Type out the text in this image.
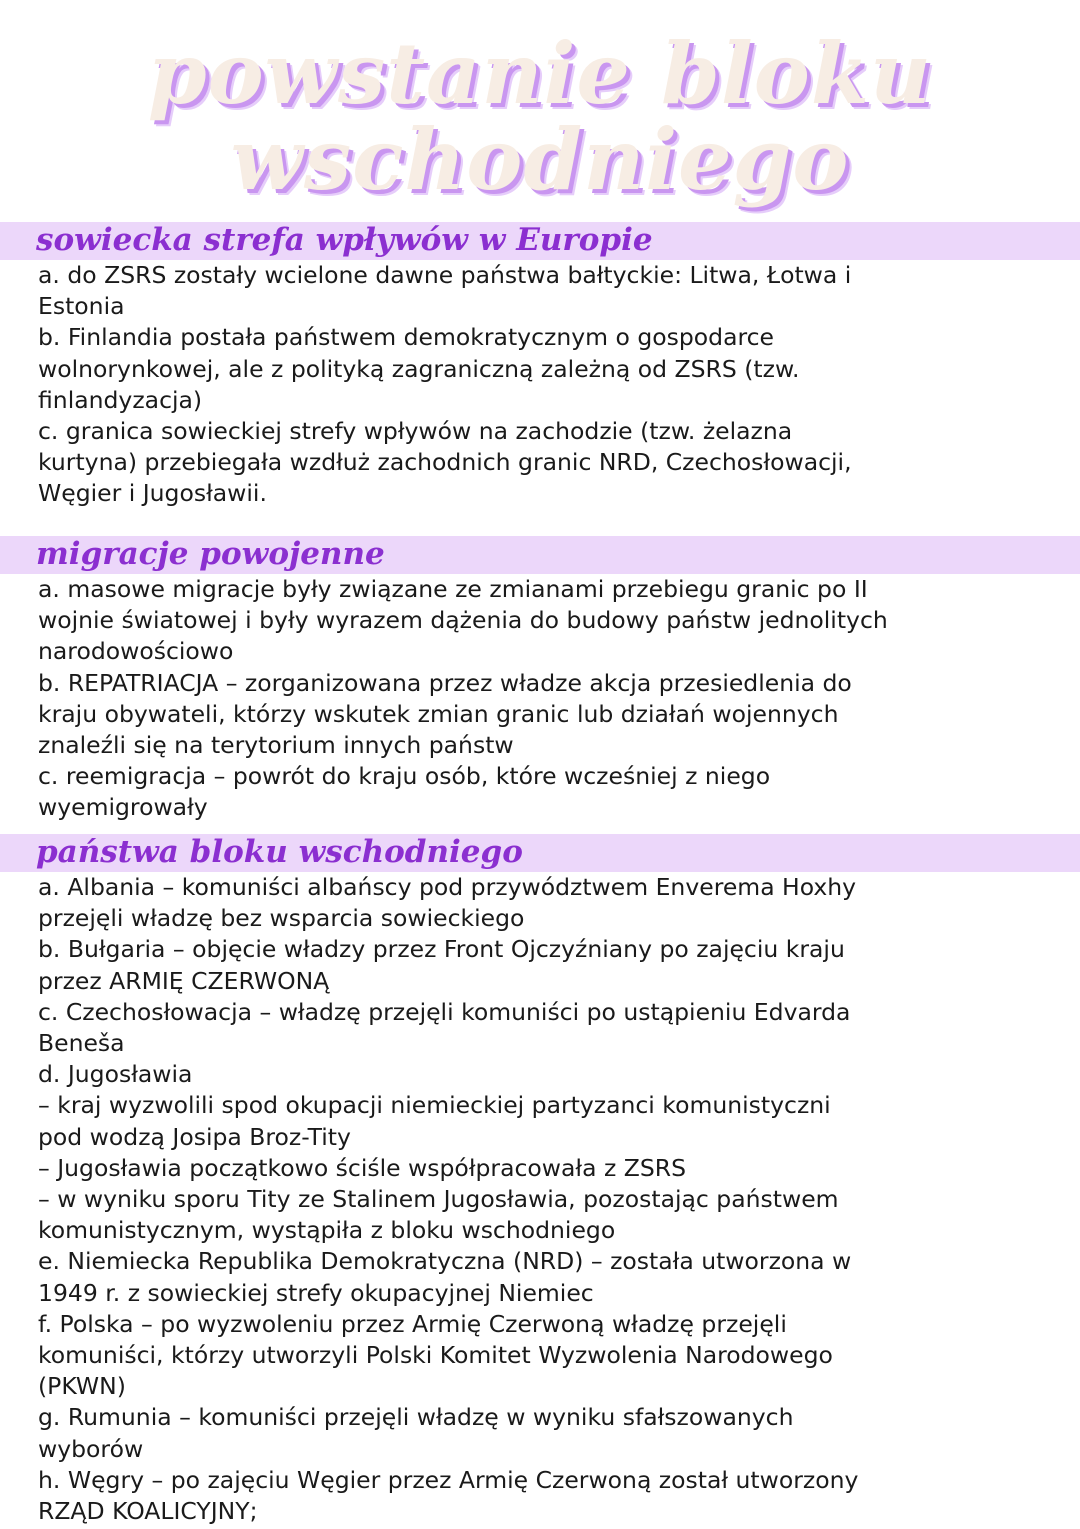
powstanie bloku
wschodniego
sowiecka strefa wpływów w Europie

a. do ZSRS zostały wcielone dawne państwa bałtyckie: Litwa, Łotwa i
Estonia
b. Finlandia postała państwem demokratycznym o gospodarce
wolnorynkowej, ale z polityką zagraniczną zależną od ZSRS (tzw.
finlandyzacja)
c. granica sowieckiej strefy wpływów na zachodzie (tzw. żelazna
kurtyna) przebiegała wzdłuż zachodnich granic NRD, Czechosłowacji,
Węgier i Jugosławii.

migracje powojenne

a. masowe migracje były związane ze zmianami przebiegu granic po II
wojnie światowej i były wyrazem dążenia do budowy państw jednolitych
narodowościowo
b. REPATRIACJA – zorganizowana przez władze akcja przesiedlenia do
kraju obywateli, którzy wskutek zmian granic lub działań wojennych
znaleźli się na terytorium innych państw
c. reemigracja – powrót do kraju osób, które wcześniej z niego
wyemigrowały

państwa bloku wschodniego

a. Albania – komuniści albańscy pod przywództwem Enverema Hoxhy
przejęli władzę bez wsparcia sowieckiego
b. Bułgaria – objęcie władzy przez Front Ojczyźniany po zajęciu kraju
przez ARMIĘ CZERWONĄ
c. Czechosłowacja – władzę przejęli komuniści po ustąpieniu Edvarda
Beneša
d. Jugosławia
– kraj wyzwolili spod okupacji niemieckiej partyzanci komunistyczni
pod wodzą Josipa Broz-Tity
– Jugosławia początkowo ściśle współpracowała z ZSRS
– w wyniku sporu Tity ze Stalinem Jugosławia, pozostając państwem
komunistycznym, wystąpiła z bloku wschodniego
e. Niemiecka Republika Demokratyczna (NRD) – została utworzona w
1949 r. z sowieckiej strefy okupacyjnej Niemiec
f. Polska – po wyzwoleniu przez Armię Czerwoną władzę przejęli
komuniści, którzy utworzyli Polski Komitet Wyzwolenia Narodowego
(PKWN)
g. Rumunia – komuniści przejęli władzę w wyniku sfałszowanych
wyborów
h. Węgry – po zajęciu Węgier przez Armię Czerwoną został utworzony
RZĄD KOALICYJNY;
